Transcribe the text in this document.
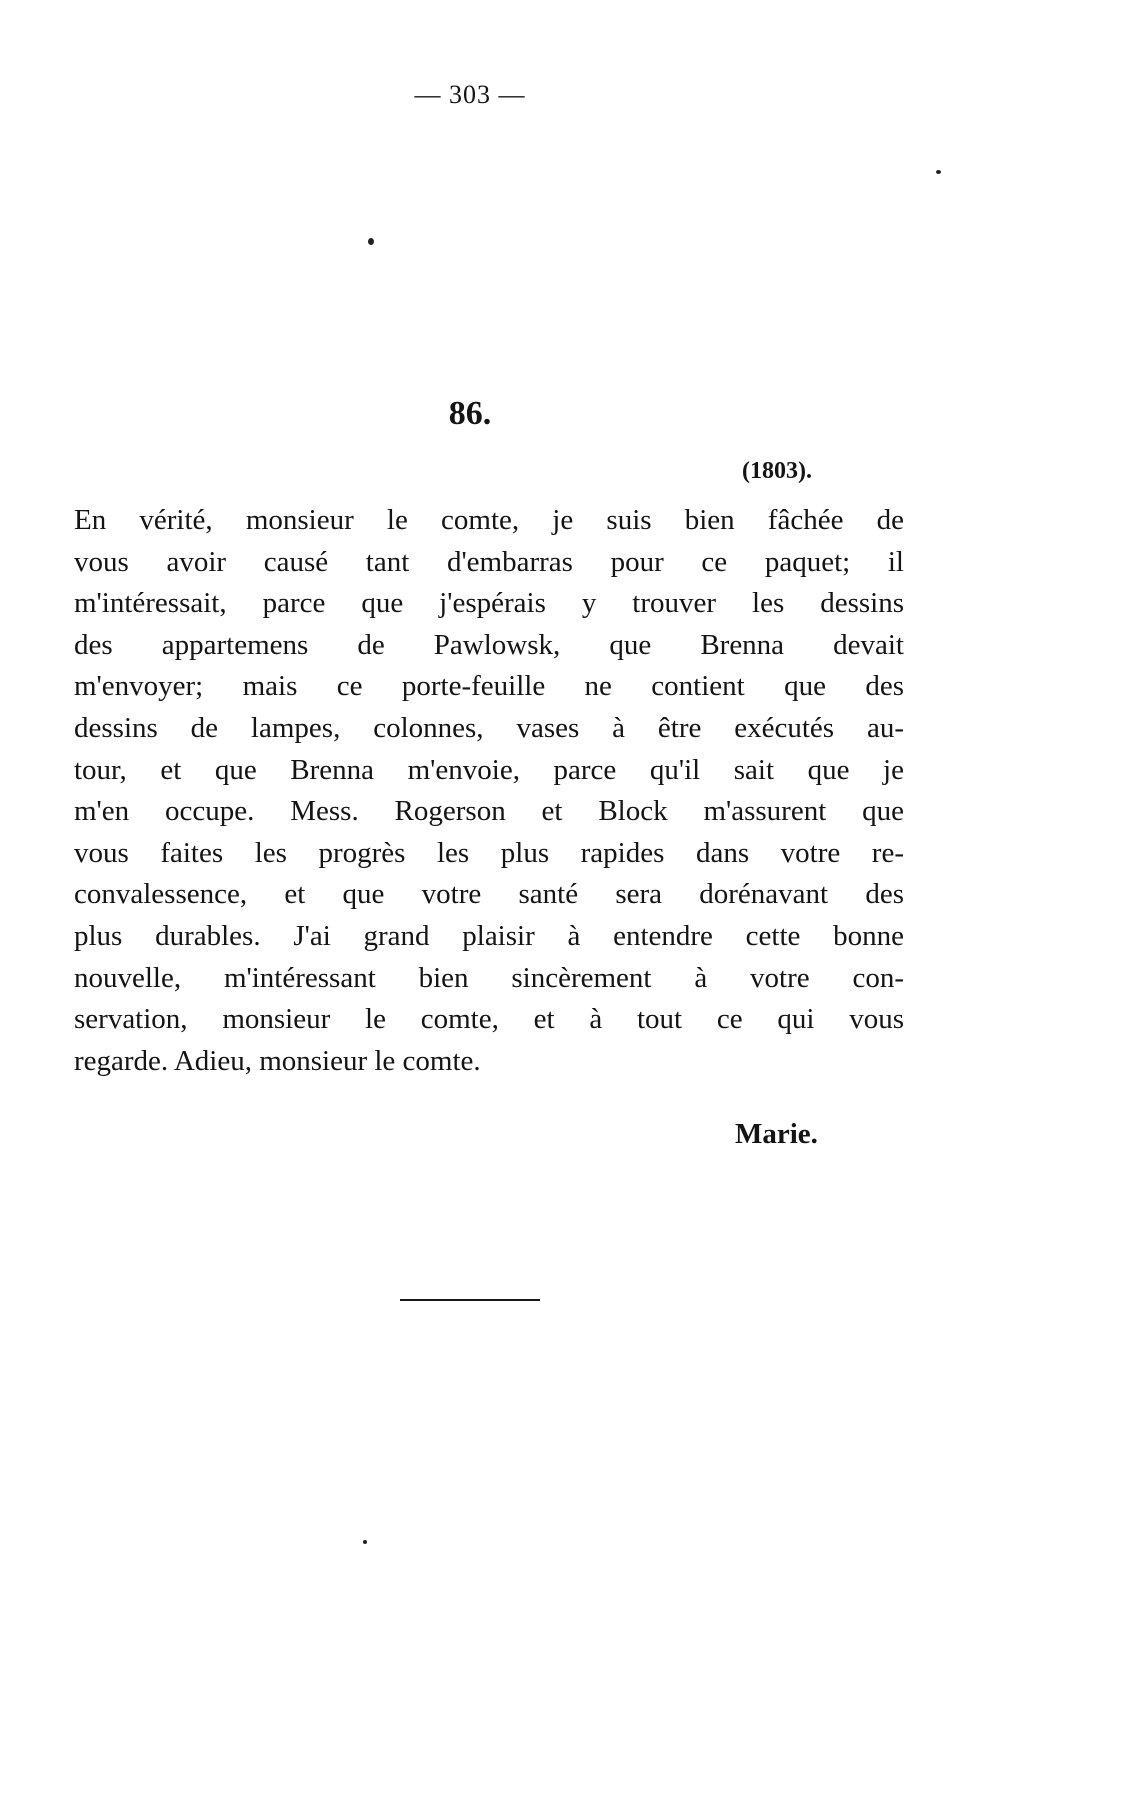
— 303 —
86.
(1803).
En vérité, monsieur le comte, je suis bien fâchée de
vous avoir causé tant d'embarras pour ce paquet; il
m'intéressait, parce que j'espérais y trouver les dessins
des appartemens de Pawlowsk, que Brenna devait
m'envoyer; mais ce porte-feuille ne contient que des
dessins de lampes, colonnes, vases à être exécutés au-
tour, et que Brenna m'envoie, parce qu'il sait que je
m'en occupe. Mess. Rogerson et Block m'assurent que
vous faites les progrès les plus rapides dans votre re-
convalessence, et que votre santé sera dorénavant des
plus durables. J'ai grand plaisir à entendre cette bonne
nouvelle, m'intéressant bien sincèrement à votre con-
servation, monsieur le comte, et à tout ce qui vous
regarde. Adieu, monsieur le comte.
Marie.
